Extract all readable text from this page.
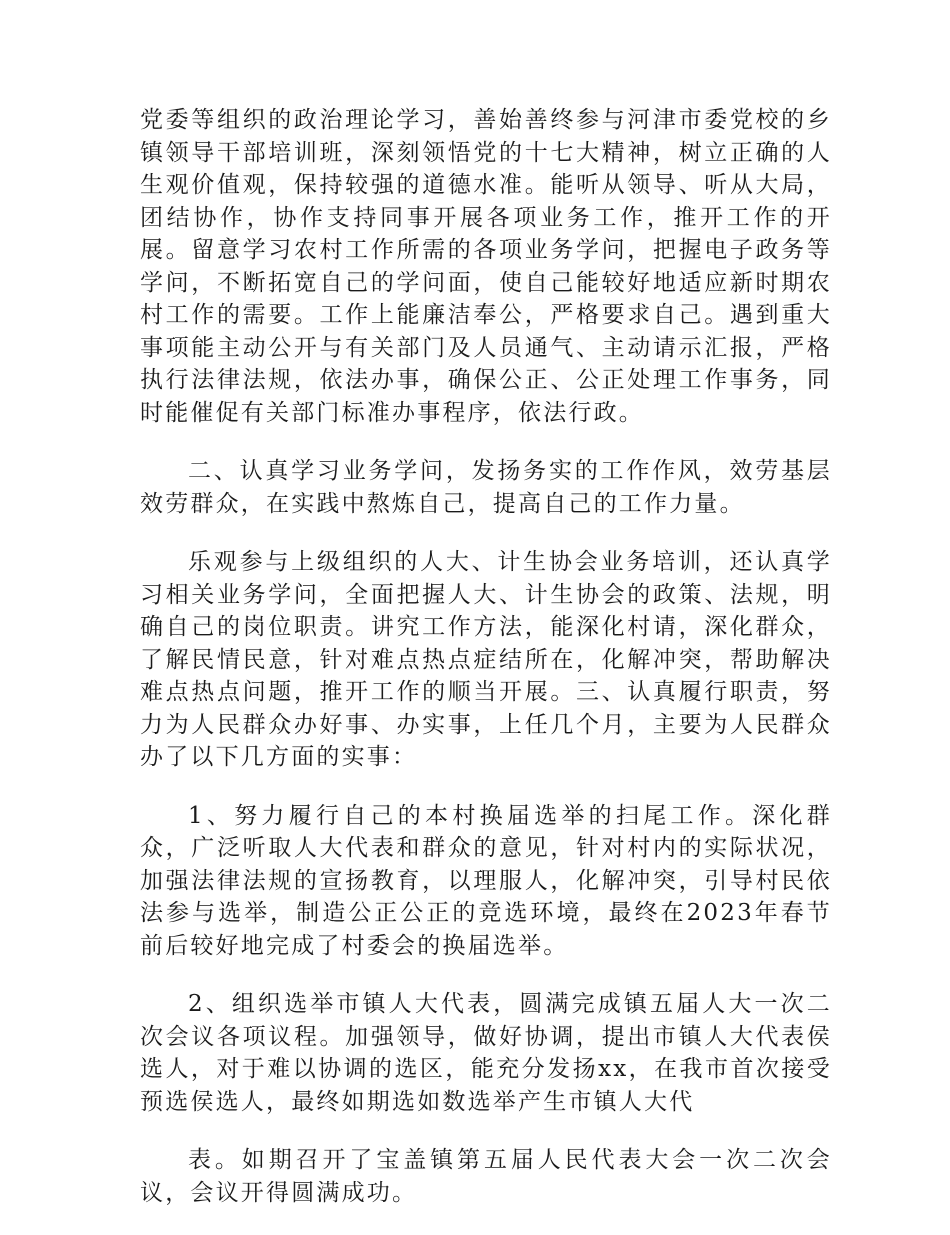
党委等组织的政治理论学习，善始善终参与河津市委党校的乡镇领导干部培训班，深刻领悟党的十七大精神，树立正确的人生观价值观，保持较强的道德水准。能听从领导、听从大局，团结协作，协作支持同事开展各项业务工作，推开工作的开展。留意学习农村工作所需的各项业务学问，把握电子政务等学问，不断拓宽自己的学问面，使自己能较好地适应新时期农村工作的需要。工作上能廉洁奉公，严格要求自己。遇到重大事项能主动公开与有关部门及人员通气、主动请示汇报，严格执行法律法规，依法办事，确保公正、公正处理工作事务，同时能催促有关部门标准办事程序，依法行政。

二、认真学习业务学问，发扬务实的工作作风，效劳基层效劳群众，在实践中熬炼自己，提高自己的工作力量。

乐观参与上级组织的人大、计生协会业务培训，还认真学习相关业务学问，全面把握人大、计生协会的政策、法规，明确自己的岗位职责。讲究工作方法，能深化村请，深化群众，了解民情民意，针对难点热点症结所在，化解冲突，帮助解决难点热点问题，推开工作的顺当开展。三、认真履行职责，努力为人民群众办好事、办实事，上任几个月，主要为人民群众办了以下几方面的实事：

1、努力履行自己的本村换届选举的扫尾工作。深化群众，广泛听取人大代表和群众的意见，针对村内的实际状况，加强法律法规的宣扬教育，以理服人，化解冲突，引导村民依法参与选举，制造公正公正的竞选环境，最终在2023年春节前后较好地完成了村委会的换届选举。

2、组织选举市镇人大代表，圆满完成镇五届人大一次二次会议各项议程。加强领导，做好协调，提出市镇人大代表侯选人，对于难以协调的选区，能充分发扬xx，在我市首次接受预选侯选人，最终如期选如数选举产生市镇人大代

表。如期召开了宝盖镇第五届人民代表大会一次二次会议，会议开得圆满成功。
